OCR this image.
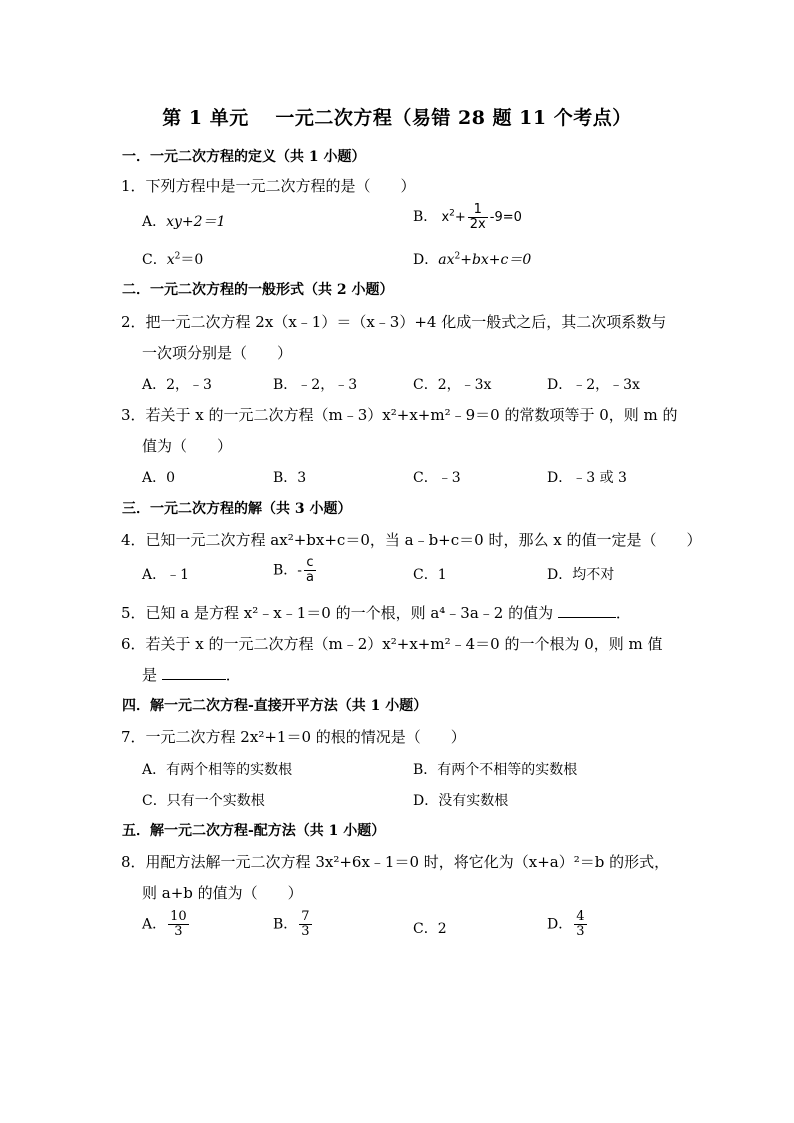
第 1 单元　 一元二次方程（易错 28 题 11 个考点）
一．一元二次方程的定义（共 1 小题）
1．下列方程中是一元二次方程的是（　　）
A．xy+2＝1	B． $x^2+ \frac{1}{2x} -9=0$
C．$x^2=0$	D．$ax^2+bx+c=0$
二．一元二次方程的一般形式（共 2 小题）
2．把一元二次方程 2x（x﹣1）＝（x﹣3）+4 化成一般式之后，其二次项系数与
一次项分别是（　　）
A．2，﹣3	B．﹣2，﹣3	C．2，﹣3x	D．﹣2，﹣3x
3．若关于 x 的一元二次方程（m﹣3）x²+x+m²﹣9＝0 的常数项等于 0，则 m 的
值为（　　）
A．0	B．3	C．﹣3	D．﹣3 或 3
三．一元二次方程的解（共 3 小题）
4．已知一元二次方程 ax²+bx+c＝0，当 a﹣b+c＝0 时，那么 x 的值一定是（　　）
A．﹣1	B．- $\frac{c}{a}$	C．1	D．均不对
5．已知 a 是方程 x²﹣x﹣1＝0 的一个根，则 a⁴﹣3a﹣2 的值为	．
6．若关于 x 的一元二次方程（m﹣2）x²+x+m²﹣4＝0 的一个根为 0，则 m 值
是	．
四．解一元二次方程-直接开平方法（共 1 小题）
7．一元二次方程 2x²+1＝0 的根的情况是（　　）
A．有两个相等的实数根	B．有两个不相等的实数根
C．只有一个实数根	D．没有实数根
五．解一元二次方程-配方法（共 1 小题）
8．用配方法解一元二次方程 3x²+6x﹣1＝0 时，将它化为（x+a）²＝b 的形式，
则 a+b 的值为（　　）
A． $\frac{10}{3}$	B． $\frac{7}{3}$	C．2	D． $\frac{4}{3}$
